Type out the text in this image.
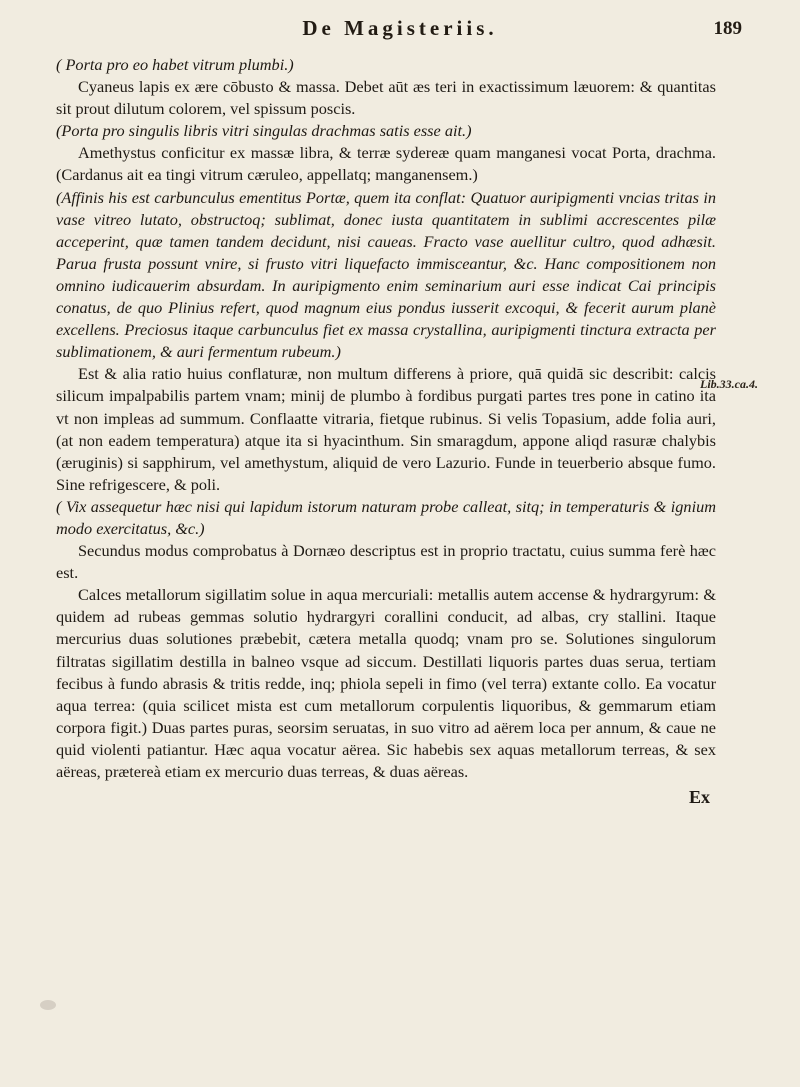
De Magisteriis.	189

( Porta pro eo habet vitrum plumbi.)

Cyaneus lapis ex ære cōbusto & massa. Debet aūt æs teri in exactissimum læuorem: & quantitas sit prout dilutum colorem, vel spissum poscis.

(Porta pro singulis libris vitri singulas drachmas satis esse ait.)

Amethystus conficitur ex massæ libra, & terræ sydereæ quam manganesi vocat Porta, drachma. (Cardanus ait ea tingi vitrum cæruleo, appellatq; manganensem.)

(Affinis his est carbunculus ementitus Portæ, quem ita conflat: Quatuor auripigmenti vncias tritas in vase vitreo lutato, obstructoq; sublimat, donec iusta quantitatem in sublimi accrescentes pilæ acceperint, quæ tamen tandem decidunt, nisi caueas. Fracto vase auellitur cultro, quod adhæsit. Parua frusta possunt vnire, si frusto vitri liquefacto immisceantur, &c. Hanc compositionem non omnino iudicauerim absurdam. In auripigmento enim seminarium auri esse indicat Cai principis conatus, de quo Plinius refert, quod magnum eius pondus iusserit excoqui, & fecerit aurum planè excellens. Preciosus itaque carbunculus fiet ex massa crystallina, auripigmenti tinctura extracta per sublimationem, & auri fermentum rubeum.)

Est & alia ratio huius conflaturæ, non multum differens à priore, quā quidā sic describit: calcis silicum impalpabilis partem vnam; minij de plumbo à fordibus purgati partes tres pone in catino ita vt non impleas ad summum. Conflaatte vitraria, fietque rubinus. Si velis Topasium, adde folia auri, (at non eadem temperatura) atque ita si hyacinthum. Sin smaragdum, appone aliqd rasuræ chalybis (æruginis) si sapphirum, vel amethystum, aliquid de vero Lazurio. Funde in teuerberio absque fumo. Sine refrigescere, & poli.

( Vix assequetur hæc nisi qui lapidum istorum naturam probe calleat, sitq; in temperaturis & ignium modo exercitatus, &c.)

Secundus modus comprobatus à Dornæo descriptus est in proprio tractatu, cuius summa ferè hæc est.

Calces metallorum sigillatim solue in aqua mercuriali: metallis autem accense & hydrargyrum: & quidem ad rubeas gemmas solutio hydrargyri corallini conducit, ad albas, cry stallini. Itaque mercurius duas solutiones præbebit, cætera metalla quodq; vnam pro se. Solutiones singulorum filtratas sigillatim destilla in balneo vsque ad siccum. Destillati liquoris partes duas serua, tertiam fecibus à fundo abrasis & tritis redde, inq; phiola sepeli in fimo (vel terra) extante collo. Ea vocatur aqua terrea: (quia scilicet mista est cum metallorum corpulentis liquoribus, & gemmarum etiam corpora figit.) Duas partes puras, seorsim seruatas, in suo vitro ad aërem loca per annum, & caue ne quid violenti patiantur. Hæc aqua vocatur aërea. Sic habebis sex aquas metallorum terreas, & sex aëreas, prætereà etiam ex mercurio duas terreas, & duas aëreas.

Lib.33.ca.4.
Ex
